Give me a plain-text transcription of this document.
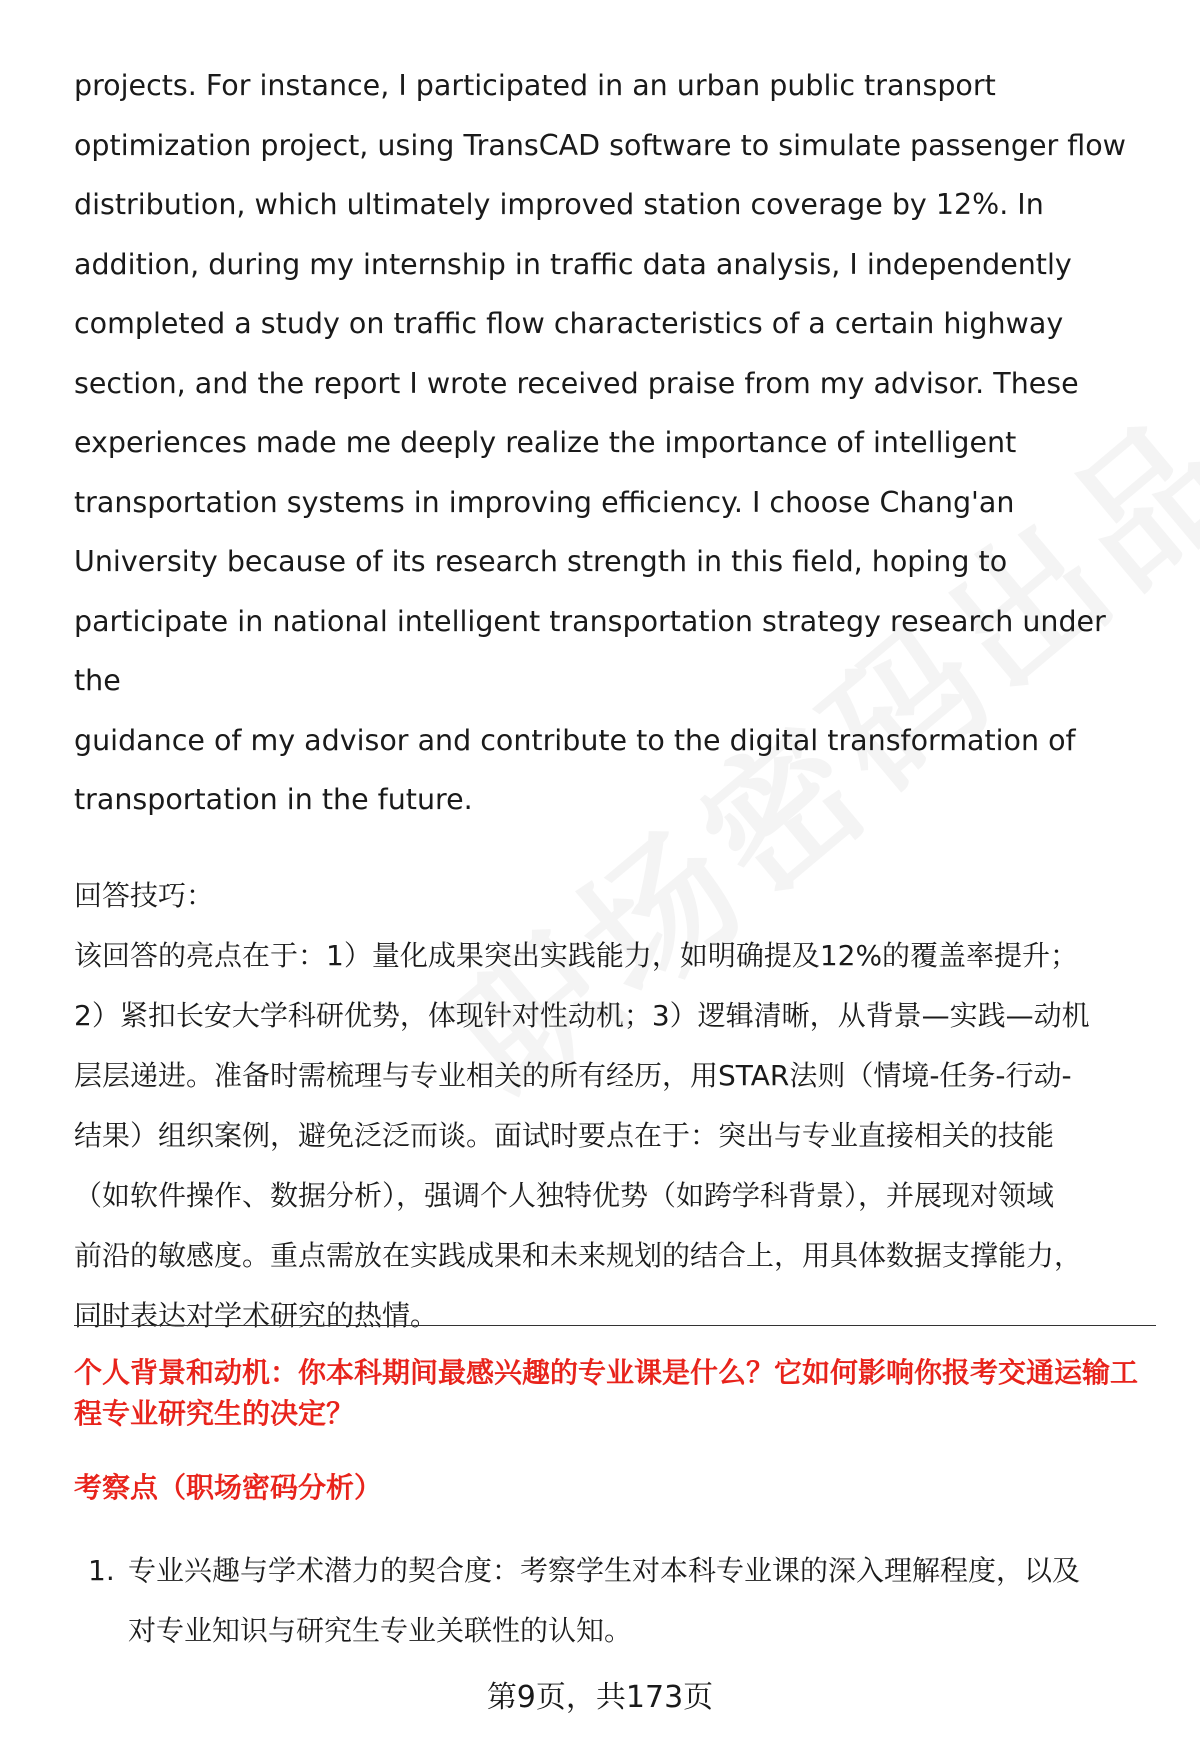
projects. For instance, I participated in an urban public transport
optimization project, using TransCAD software to simulate passenger flow
distribution, which ultimately improved station coverage by 12%. In
addition, during my internship in traffic data analysis, I independently
completed a study on traffic flow characteristics of a certain highway
section, and the report I wrote received praise from my advisor. These
experiences made me deeply realize the importance of intelligent
transportation systems in improving efficiency. I choose Chang'an
University because of its research strength in this field, hoping to
participate in national intelligent transportation strategy research under the
guidance of my advisor and contribute to the digital transformation of
transportation in the future.
回答技巧：
该回答的亮点在于：1）量化成果突出实践能力，如明确提及12%的覆盖率提升；
2）紧扣长安大学科研优势，体现针对性动机；3）逻辑清晰，从背景—实践—动机
层层递进。准备时需梳理与专业相关的所有经历，用STAR法则（情境-任务-行动-
结果）组织案例，避免泛泛而谈。面试时要点在于：突出与专业直接相关的技能
（如软件操作、数据分析），强调个人独特优势（如跨学科背景），并展现对领域
前沿的敏感度。重点需放在实践成果和未来规划的结合上，用具体数据支撑能力，
同时表达对学术研究的热情。
个人背景和动机：你本科期间最感兴趣的专业课是什么？它如何影响你报考交通运输工程专业研究生的决定？
考察点（职场密码分析）
1. 专业兴趣与学术潜力的契合度：考察学生对本科专业课的深入理解程度，以及
对专业知识与研究生专业关联性的认知。
第9页，共173页
